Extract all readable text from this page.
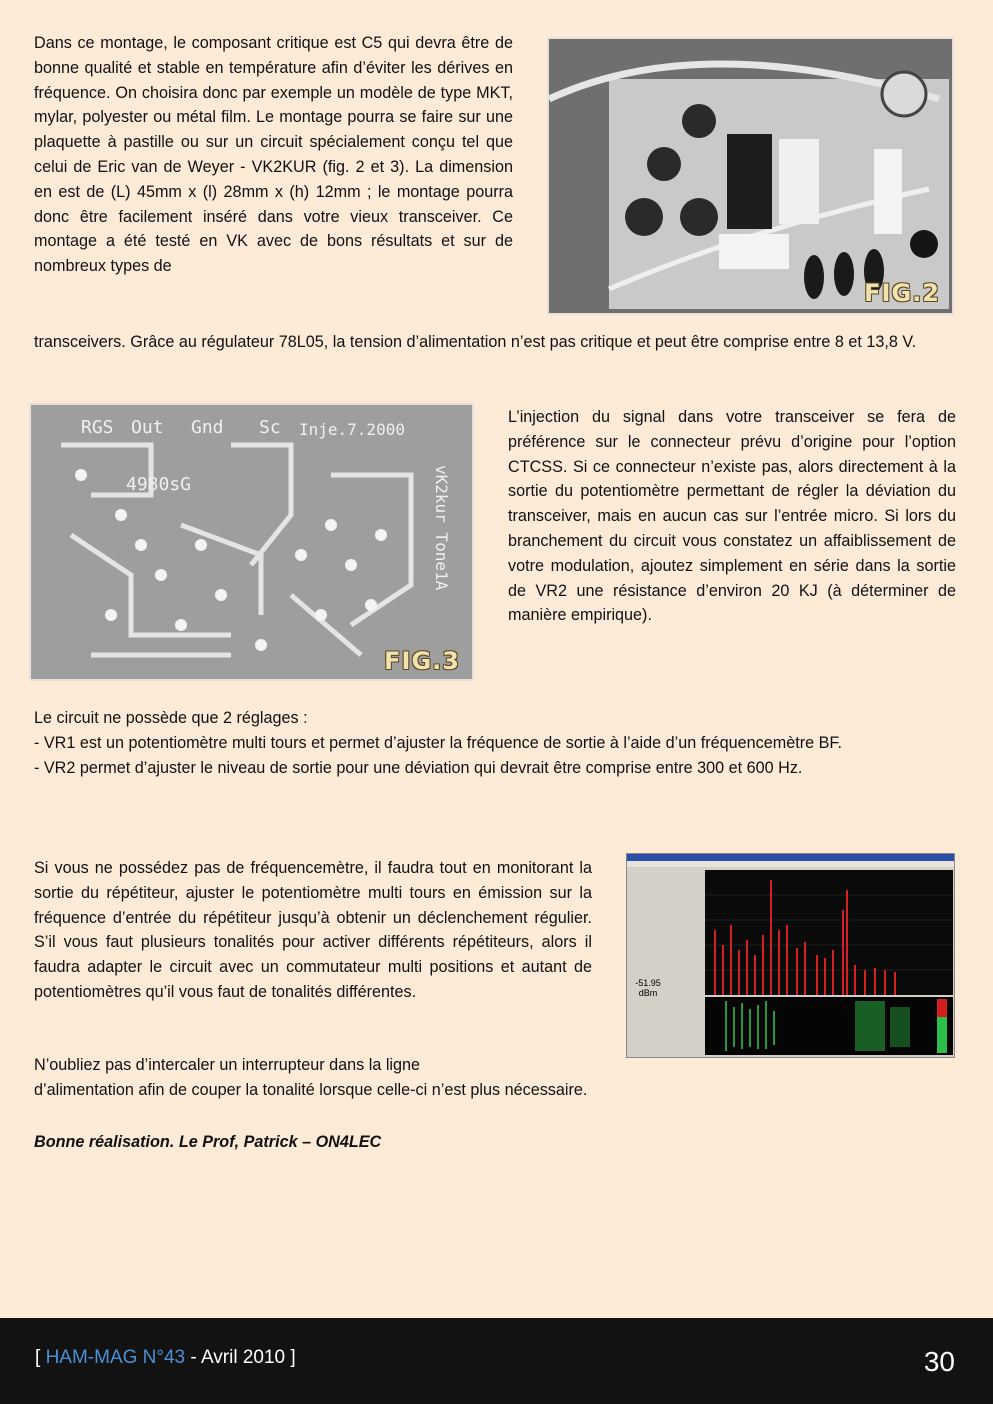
Dans ce montage, le composant critique est C5 qui devra être de bonne qualité et stable en température afin d’éviter les dérives en fréquence. On choisira donc par exemple un modèle de type MKT, mylar, polyester ou métal film. Le montage pourra se faire sur une plaquette à pastille ou sur un circuit spécialement conçu tel que celui de Eric van de Weyer - VK2KUR (fig. 2 et 3). La dimension en est de (L) 45mm x (l) 28mm x (h) 12mm ; le montage pourra donc être facilement inséré dans votre vieux transceiver. Ce montage a été testé en VK avec de bons résultats et sur de nombreux types de

transceivers. Grâce au régulateur 78L05, la tension d’alimentation n’est pas critique et peut être comprise entre 8 et 13,8 V.

FIG.2
RGS Out Gnd Sc Inje.7.2000
4980sG	vK2kur Tone1A
FIG.3

L’injection du signal dans votre transceiver se fera de préférence sur le connecteur prévu d’origine pour l’option CTCSS. Si ce connecteur n’existe pas, alors directement à la sortie du potentiomètre permettant de régler la déviation du transceiver, mais en aucun cas sur l’entrée micro. Si lors du branchement du circuit vous constatez un affaiblissement de votre modulation, ajoutez simplement en série dans la sortie de VR2 une résistance d’environ 20 KJ (à déterminer de manière empirique).

Le circuit ne possède que 2 réglages :

- VR1 est un potentiomètre multi tours et permet d’ajuster la fréquence de sortie à l’aide d’un fréquencemètre BF.

- VR2 permet d’ajuster le niveau de sortie pour une déviation qui devrait être comprise entre 300 et 600 Hz.

Si vous ne possédez pas de fréquencemètre, il faudra tout en monitorant la sortie du répétiteur, ajuster le potentiomètre multi tours en émission sur la fréquence d’entrée du répétiteur jusqu’à obtenir un déclenchement régulier. S’il vous faut plusieurs tonalités pour activer différents répétiteurs, alors il faudra adapter le circuit avec un commutateur multi positions et autant de potentiomètres qu’il vous faut de tonalités différentes.

N’oubliez pas d’intercaler un interrupteur dans la ligne

d’alimentation afin de couper la tonalité lorsque celle-ci n’est plus nécessaire.

-51.95
dBm

Bonne réalisation. Le Prof, Patrick – ON4LEC

[ HAM-MAG N°43 - Avril 2010 ]	30
